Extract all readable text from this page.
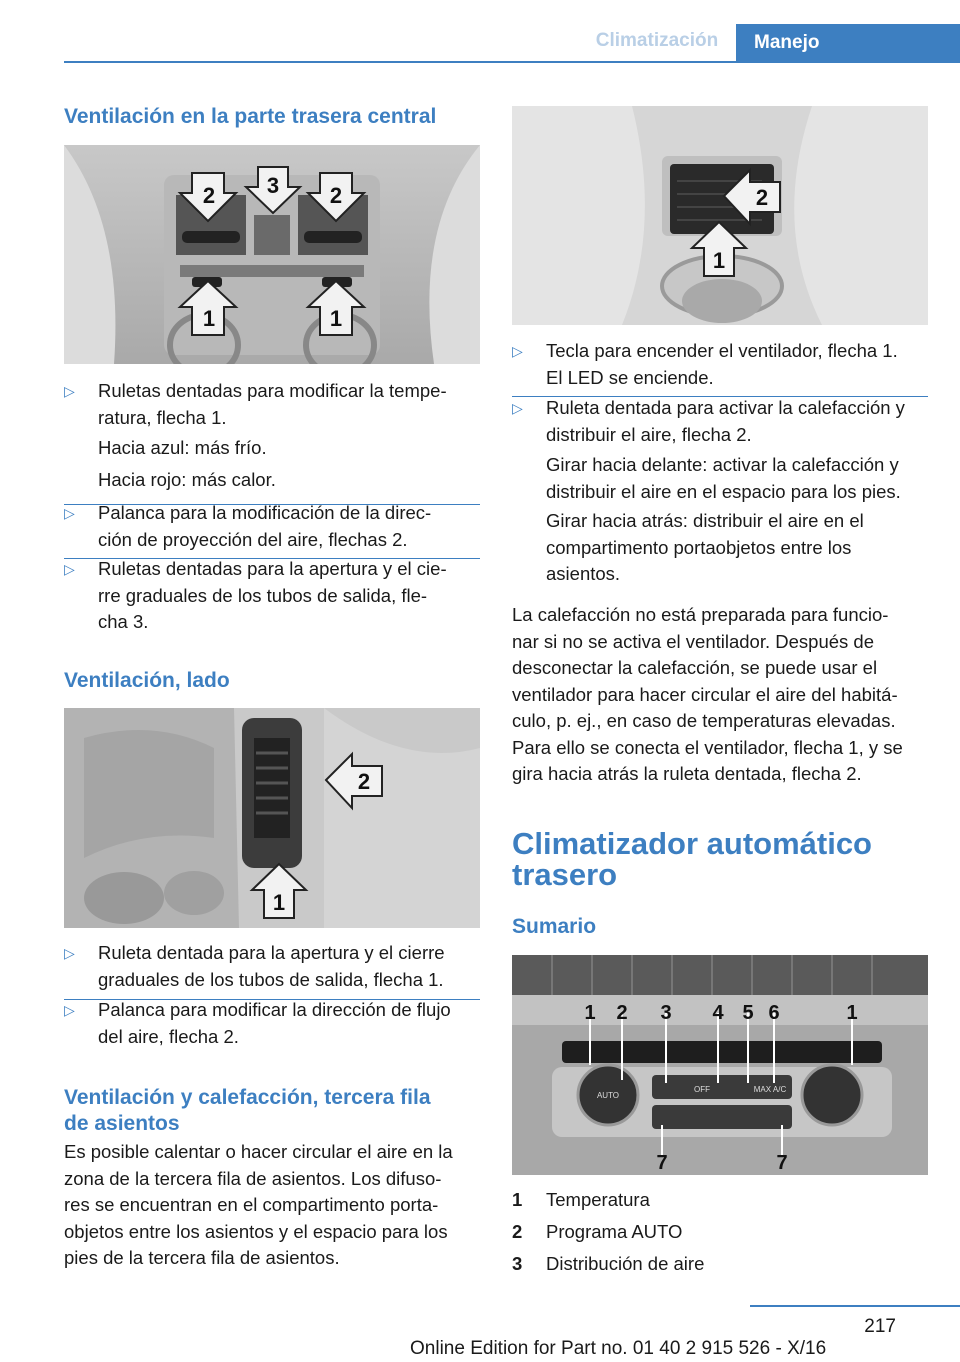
Climatización	Manejo
Ventilación en la parte trasera central
2 3 2
1	1
▷ Ruletas dentadas para modificar la tempe‐
ratura, flecha 1.
Hacia azul: más frío.
Hacia rojo: más calor.
▷ Palanca para la modificación de la direc‐
ción de proyección del aire, flechas 2.
▷ Ruletas dentadas para la apertura y el cie‐
rre graduales de los tubos de salida, fle‐
cha 3.
Ventilación, lado
2
1
▷ Ruleta dentada para la apertura y el cierre
graduales de los tubos de salida, flecha 1.
▷ Palanca para modificar la dirección de flujo
del aire, flecha 2.
Ventilación y calefacción, tercera fila
de asientos
Es posible calentar o hacer circular el aire en la
zona de la tercera fila de asientos. Los difuso‐
res se encuentran en el compartimento porta‐
objetos entre los asientos y el espacio para los
pies de la tercera fila de asientos.
2
1
▷ Tecla para encender el ventilador, flecha 1.
El LED se enciende.
▷ Ruleta dentada para activar la calefacción y
distribuir el aire, flecha 2.
Girar hacia delante: activar la calefacción y
distribuir el aire en el espacio para los pies.
Girar hacia atrás: distribuir el aire en el
compartimento portaobjetos entre los
asientos.
La calefacción no está preparada para funcio‐
nar si no se activa el ventilador. Después de
desconectar la calefacción, se puede usar el
ventilador para hacer circular el aire del habitá‐
culo, p. ej., en caso de temperaturas elevadas.
Para ello se conecta el ventilador, flecha 1, y se
gira hacia atrás la ruleta dentada, flecha 2.
Climatizador automático
trasero
Sumario
AUTO
OFF	MAX A/C
1 2 3 4 5 6	1
7	7
1 Temperatura
2 Programa AUTO
3 Distribución de aire
217
Online Edition for Part no. 01 40 2 915 526 - X/16
